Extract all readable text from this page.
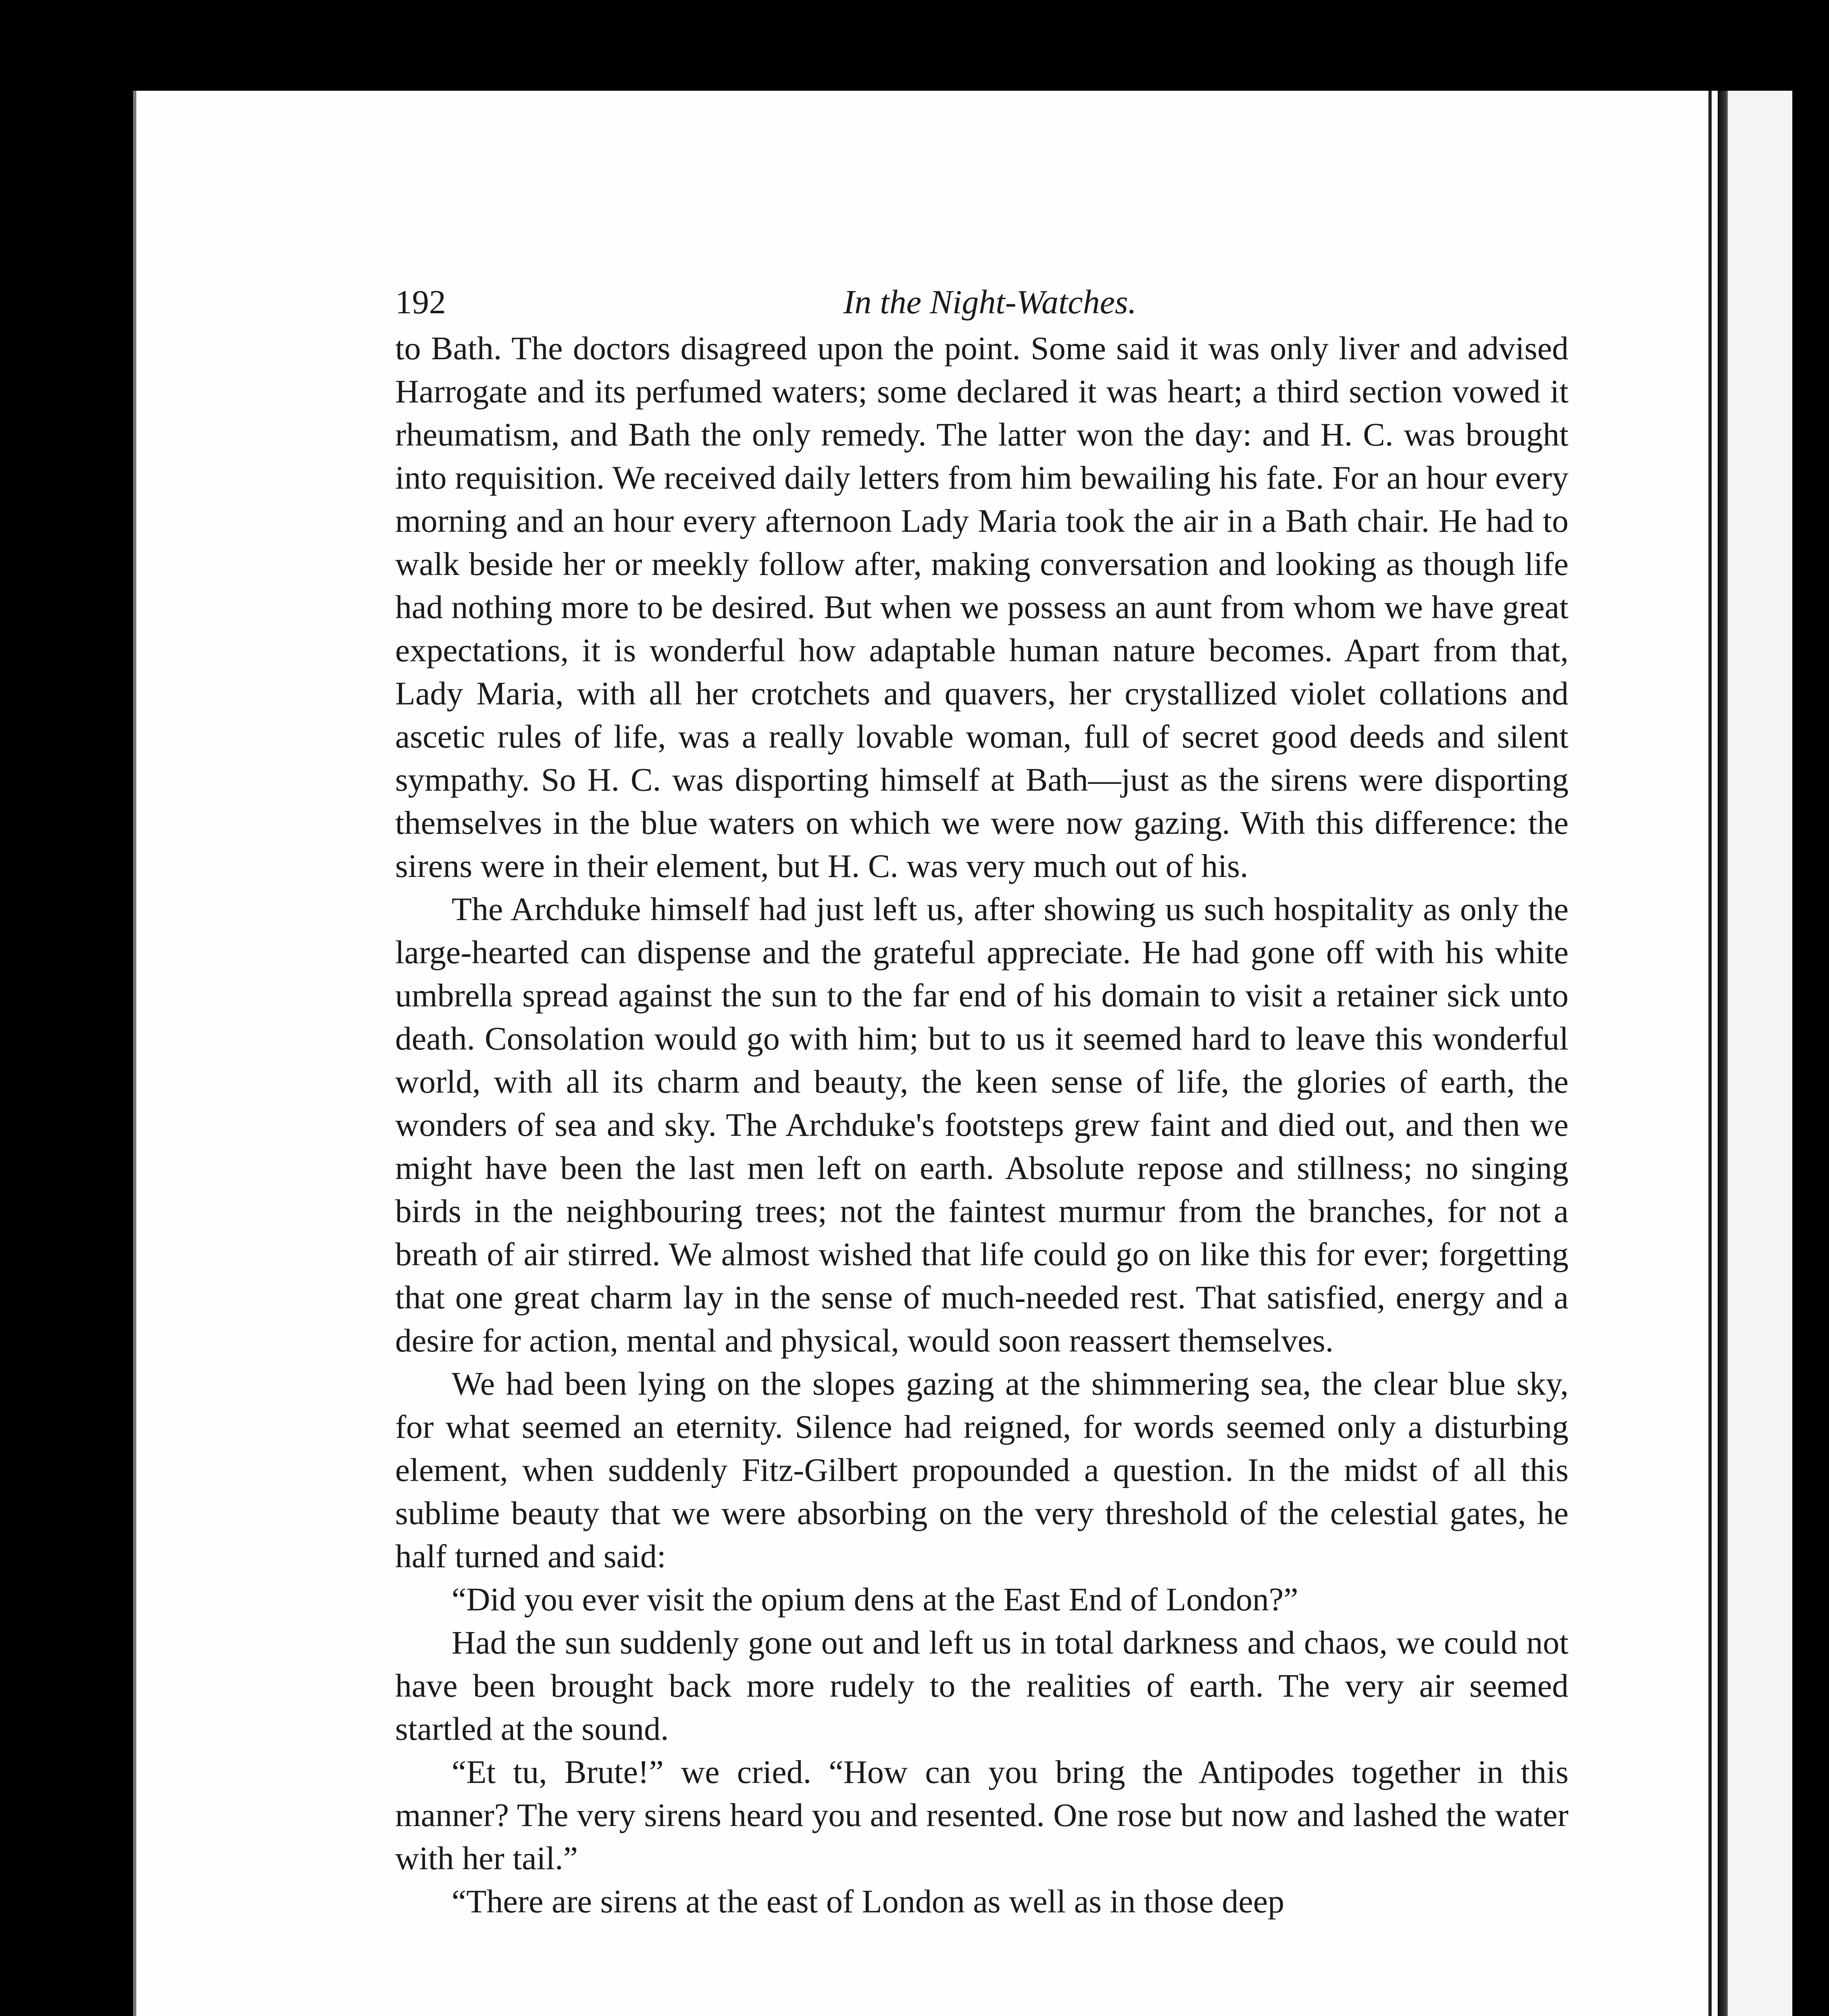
192	In the Night-Watches.

to Bath. The doctors disagreed upon the point. Some said it was only liver and advised Harrogate and its perfumed waters; some declared it was heart; a third section vowed it rheumatism, and Bath the only remedy. The latter won the day: and H. C. was brought into requisition. We received daily letters from him bewailing his fate. For an hour every morning and an hour every afternoon Lady Maria took the air in a Bath chair. He had to walk beside her or meekly follow after, making conversation and looking as though life had nothing more to be desired. But when we possess an aunt from whom we have great expectations, it is wonderful how adaptable human nature becomes. Apart from that, Lady Maria, with all her crotchets and quavers, her crystallized violet collations and ascetic rules of life, was a really lovable woman, full of secret good deeds and silent sympathy. So H. C. was disporting himself at Bath—just as the sirens were disporting themselves in the blue waters on which we were now gazing. With this difference: the sirens were in their element, but H. C. was very much out of his.

The Archduke himself had just left us, after showing us such hospitality as only the large-hearted can dispense and the grateful appreciate. He had gone off with his white umbrella spread against the sun to the far end of his domain to visit a retainer sick unto death. Consolation would go with him; but to us it seemed hard to leave this wonderful world, with all its charm and beauty, the keen sense of life, the glories of earth, the wonders of sea and sky. The Archduke's footsteps grew faint and died out, and then we might have been the last men left on earth. Absolute repose and stillness; no singing birds in the neighbouring trees; not the faintest murmur from the branches, for not a breath of air stirred. We almost wished that life could go on like this for ever; forgetting that one great charm lay in the sense of much-needed rest. That satisfied, energy and a desire for action, mental and physical, would soon reassert themselves.

We had been lying on the slopes gazing at the shimmering sea, the clear blue sky, for what seemed an eternity. Silence had reigned, for words seemed only a disturbing element, when suddenly Fitz-Gilbert propounded a question. In the midst of all this sublime beauty that we were absorbing on the very threshold of the celestial gates, he half turned and said:

“Did you ever visit the opium dens at the East End of London?”

Had the sun suddenly gone out and left us in total darkness and chaos, we could not have been brought back more rudely to the realities of earth. The very air seemed startled at the sound.

“Et tu, Brute!” we cried. “How can you bring the Antipodes together in this manner? The very sirens heard you and resented. One rose but now and lashed the water with her tail.”

“There are sirens at the east of London as well as in those deep
